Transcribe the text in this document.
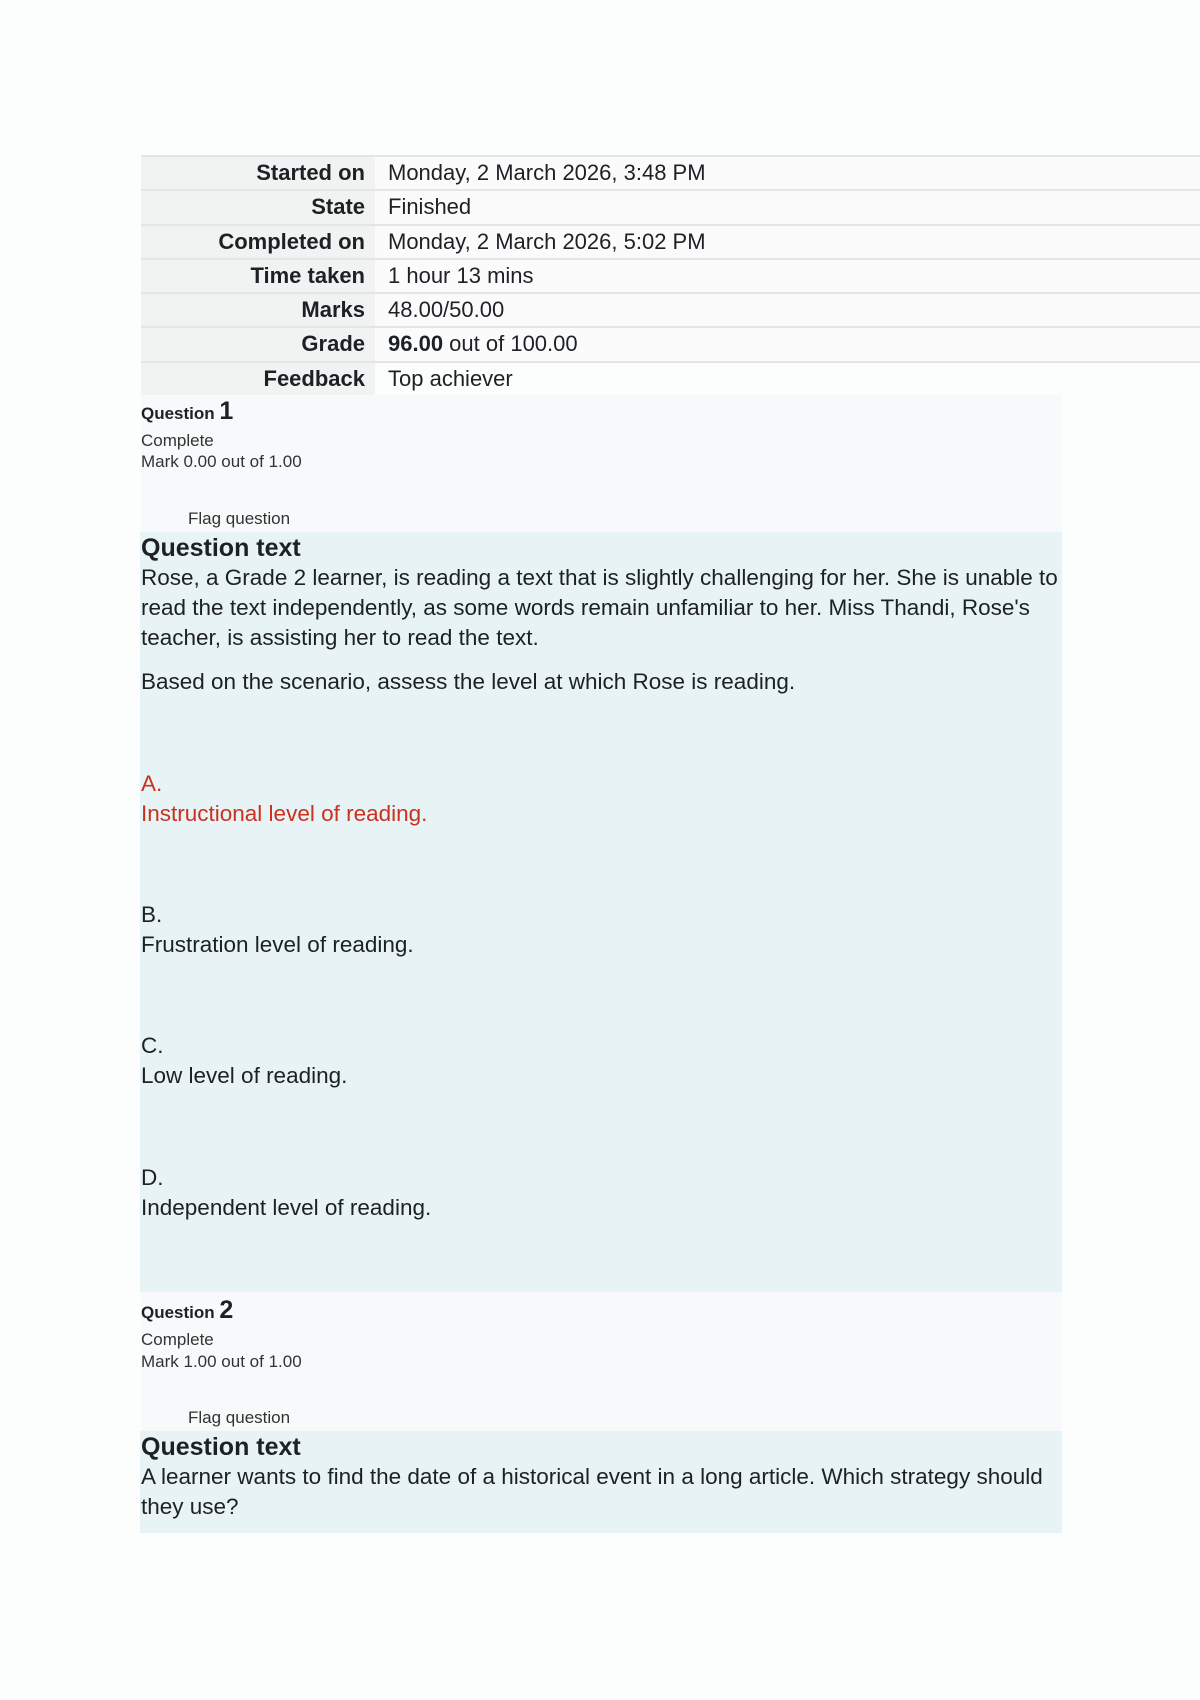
Started on	Monday, 2 March 2026, 3:48 PM
State	Finished
Completed on	Monday, 2 March 2026, 5:02 PM
Time taken	1 hour 13 mins
Marks	48.00/50.00
Grade	96.00 out of 100.00
Feedback	Top achiever
Question 1
Complete
Mark 0.00 out of 1.00
Flag question
Question text
Rose, a Grade 2 learner, is reading a text that is slightly challenging for her. She is unable to read the text independently, as some words remain unfamiliar to her. Miss Thandi, Rose's teacher, is assisting her to read the text.
Based on the scenario, assess the level at which Rose is reading.
A.
Instructional level of reading.
B.
Frustration level of reading.
C.
Low level of reading.
D.
Independent level of reading.
Question 2
Complete
Mark 1.00 out of 1.00
Flag question
Question text
A learner wants to find the date of a historical event in a long article. Which strategy should they use?
